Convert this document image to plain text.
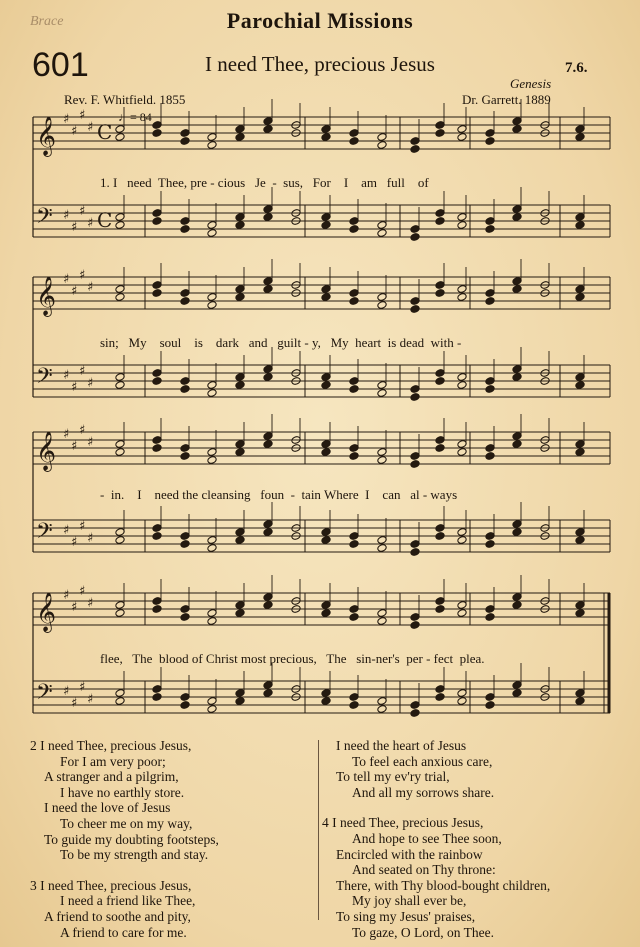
Brace	Parochial Missions
601	I need Thee, precious Jesus	7.6.
Genesis
Rev. F. Whitfield. 1855	Dr. Garrett. 1889
♩= 84
𝄞 ♯
♯
♯
♯ C
𝄢 ♯
♯
♯
♯ C
𝄞 ♯
♯
♯
♯
𝄢 ♯
♯
♯
♯
𝄞 ♯
♯
♯
♯
𝄢 ♯
♯
♯
♯
𝄞 ♯
♯
♯
♯
𝄢 ♯
♯
♯
♯
1. I   need  Thee, pre - cious   Je  -  sus,   For    I    am   full    of
sin;   My    soul    is    dark   and   guilt - y,   My  heart  is dead  with -
-  in.    I    need the cleansing   foun  -  tain Where  I    can   al - ways
flee,   The  blood of Christ most precious,   The   sin-ner's  per - fect  plea.

2 I need Thee, precious Jesus,

For I am very poor;

A stranger and a pilgrim,

I have no earthly store.

I need the love of Jesus

To cheer me on my way,

To guide my doubting footsteps,

To be my strength and stay.

3 I need Thee, precious Jesus,

I need a friend like Thee,

A friend to soothe and pity,

A friend to care for me.

I need the heart of Jesus

To feel each anxious care,

To tell my ev'ry trial,

And all my sorrows share.

4 I need Thee, precious Jesus,

And hope to see Thee soon,

Encircled with the rainbow

And seated on Thy throne:

There, with Thy blood-bought children,

My joy shall ever be,

To sing my Jesus' praises,

To gaze, O Lord, on Thee.
